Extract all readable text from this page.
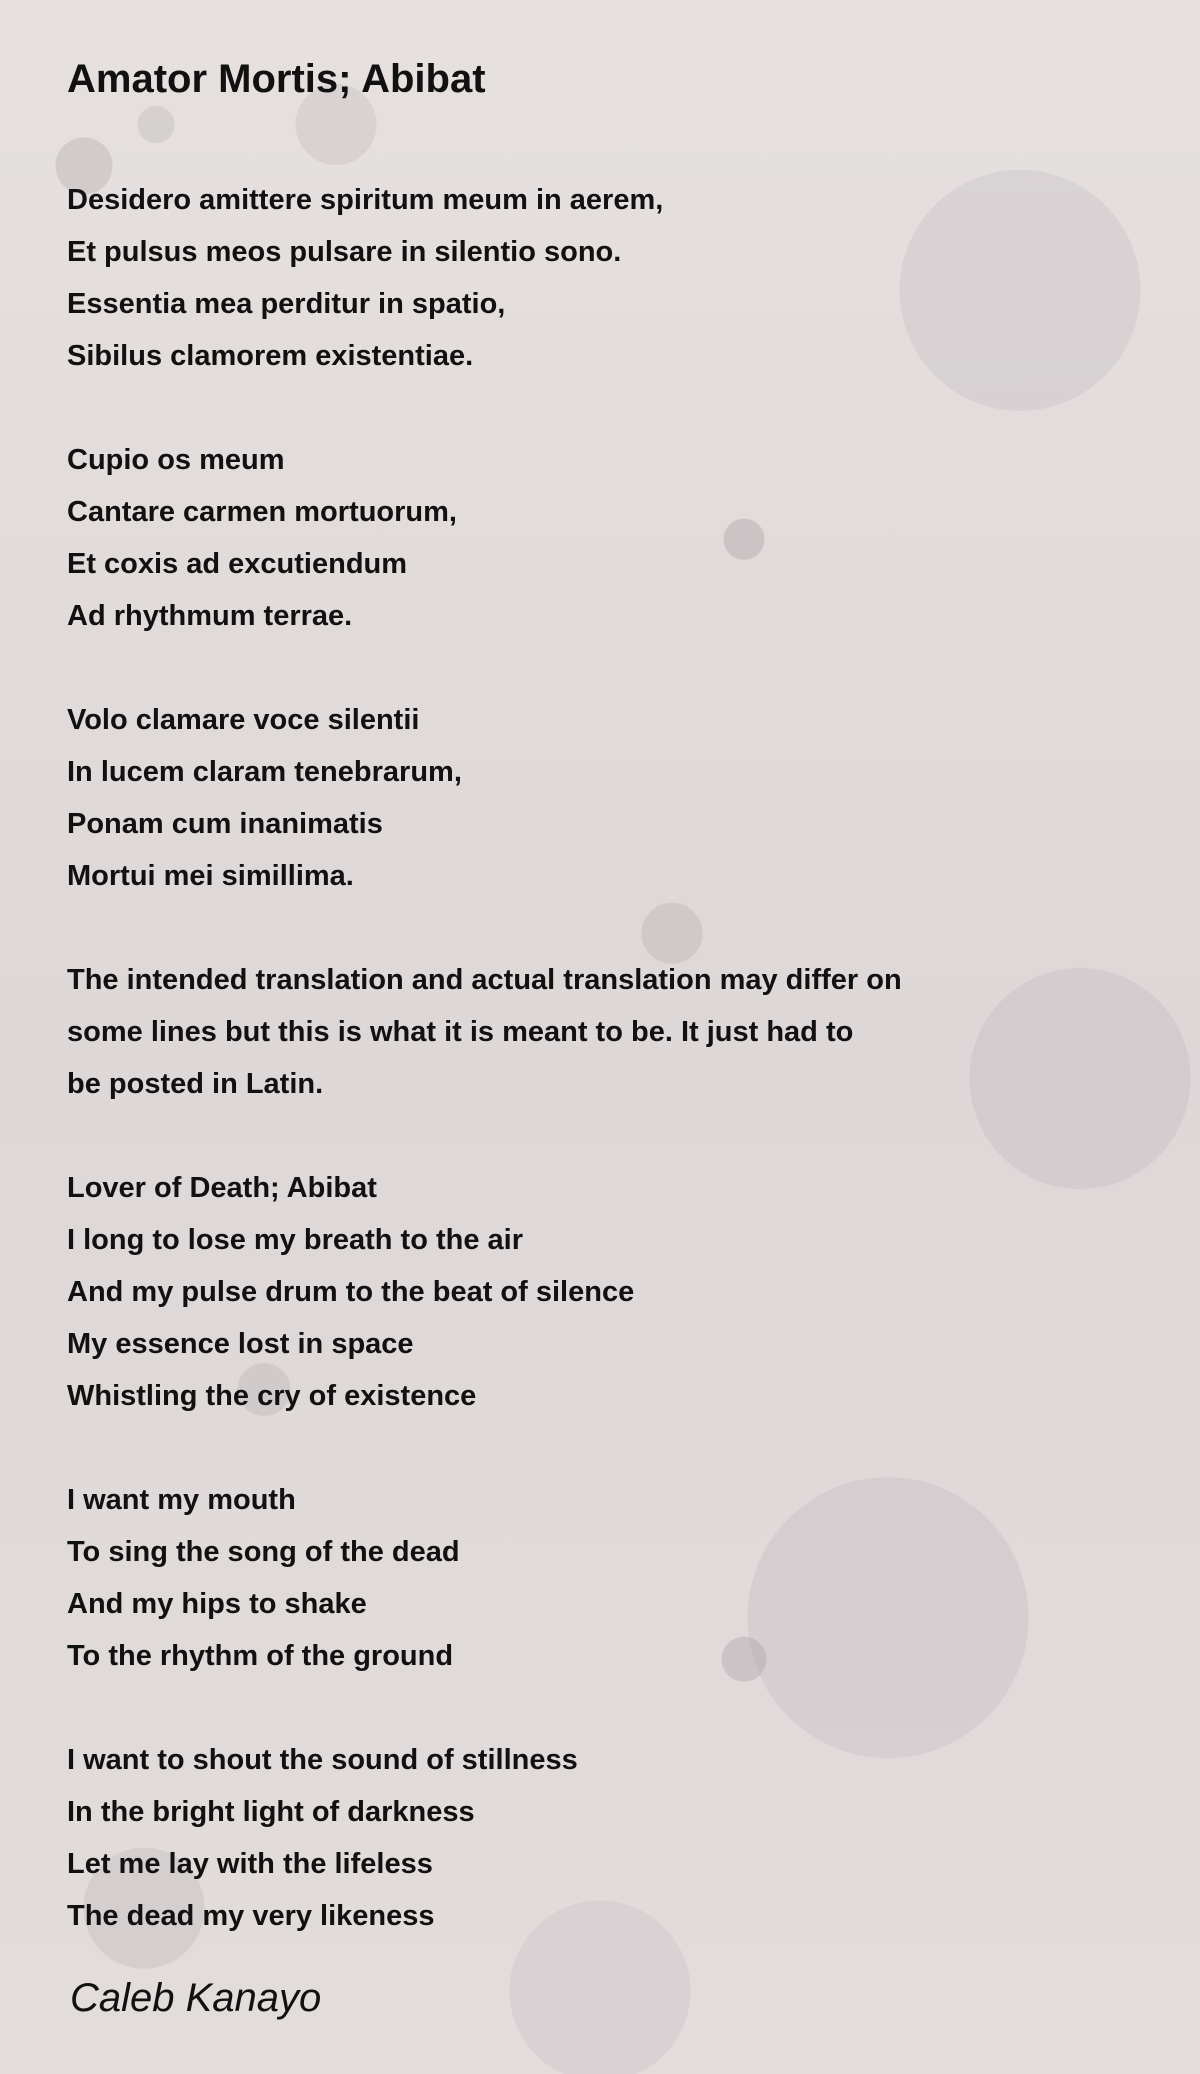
Amator Mortis; Abibat
Desidero amittere spiritum meum in aerem,
Et pulsus meos pulsare in silentio sono.
Essentia mea perditur in spatio,
Sibilus clamorem existentiae.
Cupio os meum
Cantare carmen mortuorum,
Et coxis ad excutiendum
Ad rhythmum terrae.
Volo clamare voce silentii
In lucem claram tenebrarum,
Ponam cum inanimatis
Mortui mei simillima.
The intended translation and actual translation may differ on
some lines but this is what it is meant to be. It just had to
be posted in Latin.
Lover of Death; Abibat
I long to lose my breath to the air
And my pulse drum to the beat of silence
My essence lost in space
Whistling the cry of existence
I want my mouth
To sing the song of the dead
And my hips to shake
To the rhythm of the ground
I want to shout the sound of stillness
In the bright light of darkness
Let me lay with the lifeless
The dead my very likeness
Caleb Kanayo
